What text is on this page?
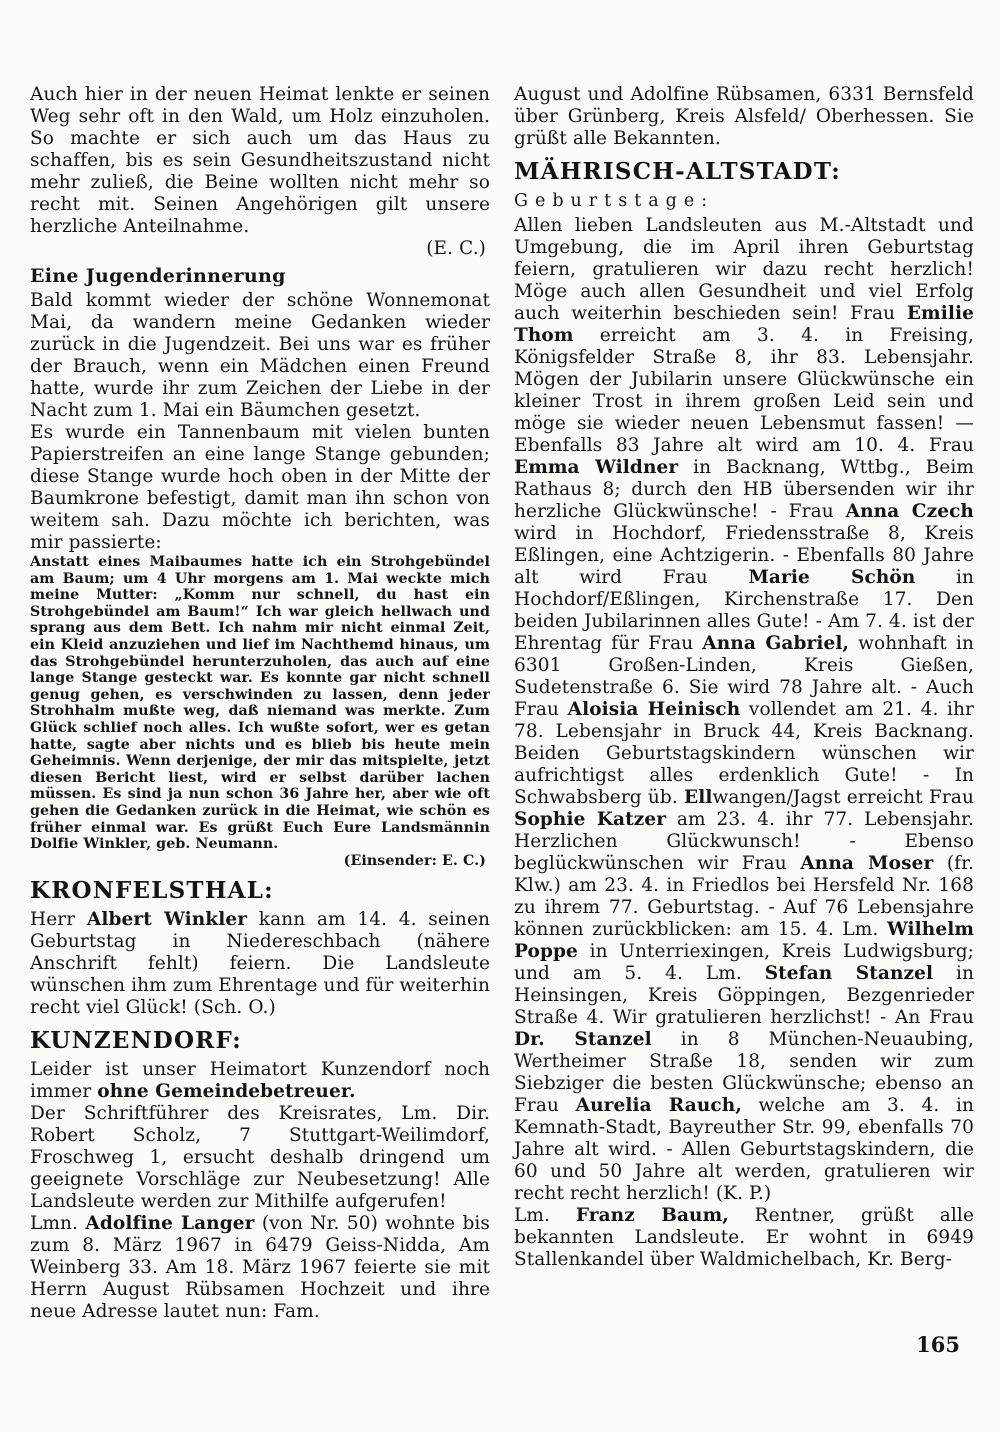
Auch hier in der neuen Heimat lenkte er seinen Weg sehr oft in den Wald, um Holz einzuholen. So machte er sich auch um das Haus zu schaffen, bis es sein Gesundheitszustand nicht mehr zuließ, die Beine wollten nicht mehr so recht mit. Seinen Angehörigen gilt unsere herzliche Anteilnahme.

(E. C.)

Eine Jugenderinnerung

Bald kommt wieder der schöne Wonnemonat Mai, da wandern meine Gedanken wieder zurück in die Jugendzeit. Bei uns war es früher der Brauch, wenn ein Mädchen einen Freund hatte, wurde ihr zum Zeichen der Liebe in der Nacht zum 1. Mai ein Bäumchen gesetzt.

Es wurde ein Tannenbaum mit vielen bunten Papierstreifen an eine lange Stange gebunden; diese Stange wurde hoch oben in der Mitte der Baumkrone befestigt, damit man ihn schon von weitem sah. Dazu möchte ich berichten, was mir passierte:

Anstatt eines Maibaumes hatte ich ein Strohgebündel am Baum; um 4 Uhr morgens am 1. Mai weckte mich meine Mutter: „Komm nur schnell, du hast ein Strohgebündel am Baum!“ Ich war gleich hellwach und sprang aus dem Bett. Ich nahm mir nicht einmal Zeit, ein Kleid anzuziehen und lief im Nachthemd hinaus, um das Strohgebündel herunterzuholen, das auch auf eine lange Stange gesteckt war. Es konnte gar nicht schnell genug gehen, es verschwinden zu lassen, denn jeder Strohhalm mußte weg, daß niemand was merkte. Zum Glück schlief noch alles. Ich wußte sofort, wer es getan hatte, sagte aber nichts und es blieb bis heute mein Geheimnis. Wenn derjenige, der mir das mitspielte, jetzt diesen Bericht liest, wird er selbst darüber lachen müssen. Es sind ja nun schon 36 Jahre her, aber wie oft gehen die Gedanken zurück in die Heimat, wie schön es früher einmal war. Es grüßt Euch Eure Landsmännin Dolfie Winkler, geb. Neumann.

(Einsender: E. C.)

KRONFELSTHAL:

Herr Albert Winkler kann am 14. 4. seinen Geburtstag in Niedereschbach (nähere Anschrift fehlt) feiern. Die Landsleute wünschen ihm zum Ehrentage und für weiterhin recht viel Glück! (Sch. O.)

KUNZENDORF:

Leider ist unser Heimatort Kunzendorf noch immer ohne Gemeindebetreuer.

Der Schriftführer des Kreisrates, Lm. Dir. Robert Scholz, 7 Stuttgart-Weilimdorf, Froschweg 1, ersucht deshalb dringend um geeignete Vorschläge zur Neubesetzung! Alle Landsleute werden zur Mithilfe aufgerufen!

Lmn. Adolfine Langer (von Nr. 50) wohnte bis zum 8. März 1967 in 6479 Geiss-Nidda, Am Weinberg 33. Am 18. März 1967 feierte sie mit Herrn August Rübsamen Hochzeit und ihre neue Adresse lautet nun: Fam.

August und Adolfine Rübsamen, 6331 Bernsfeld über Grünberg, Kreis Alsfeld/ Oberhessen. Sie grüßt alle Bekannten.

MÄHRISCH-ALTSTADT:

Geburtstage:

Allen lieben Landsleuten aus M.-Altstadt und Umgebung, die im April ihren Geburtstag feiern, gratulieren wir dazu recht herzlich! Möge auch allen Gesundheit und viel Erfolg auch weiterhin beschieden sein! Frau Emilie Thom erreicht am 3. 4. in Freising, Königsfelder Straße 8, ihr 83. Lebensjahr. Mögen der Jubilarin unsere Glückwünsche ein kleiner Trost in ihrem großen Leid sein und möge sie wieder neuen Lebensmut fassen! — Ebenfalls 83 Jahre alt wird am 10. 4. Frau Emma Wildner in Backnang, Wttbg., Beim Rathaus 8; durch den HB übersenden wir ihr herzliche Glückwünsche! - Frau Anna Czech wird in Hochdorf, Friedensstraße 8, Kreis Eßlingen, eine Achtzigerin. - Ebenfalls 80 Jahre alt wird Frau Marie Schön in Hochdorf/Eßlingen, Kirchenstraße 17. Den beiden Jubilarinnen alles Gute! - Am 7. 4. ist der Ehrentag für Frau Anna Gabriel, wohnhaft in 6301 Großen-Linden, Kreis Gießen, Sudetenstraße 6. Sie wird 78 Jahre alt. - Auch Frau Aloisia Heinisch vollendet am 21. 4. ihr 78. Lebensjahr in Bruck 44, Kreis Backnang. Beiden Geburtstagskindern wünschen wir aufrichtigst alles erdenklich Gute! - In Schwabsberg üb. Ellwangen/Jagst erreicht Frau Sophie Katzer am 23. 4. ihr 77. Lebensjahr. Herzlichen Glückwunsch! - Ebenso beglückwünschen wir Frau Anna Moser (fr. Klw.) am 23. 4. in Friedlos bei Hersfeld Nr. 168 zu ihrem 77. Geburtstag. - Auf 76 Lebensjahre können zurückblicken: am 15. 4. Lm. Wilhelm Poppe in Unterriexingen, Kreis Ludwigsburg; und am 5. 4. Lm. Stefan Stanzel in Heinsingen, Kreis Göppingen, Bezgenrieder Straße 4. Wir gratulieren herzlichst! - An Frau Dr. Stanzel in 8 München-Neuaubing, Wertheimer Straße 18, senden wir zum Siebziger die besten Glückwünsche; ebenso an Frau Aurelia Rauch, welche am 3. 4. in Kemnath-Stadt, Bayreuther Str. 99, ebenfalls 70 Jahre alt wird. - Allen Geburtstagskindern, die 60 und 50 Jahre alt werden, gratulieren wir recht recht herzlich! (K. P.)

Lm. Franz Baum, Rentner, grüßt alle bekannten Landsleute. Er wohnt in 6949 Stallenkandel über Waldmichelbach, Kr. Berg-

165
